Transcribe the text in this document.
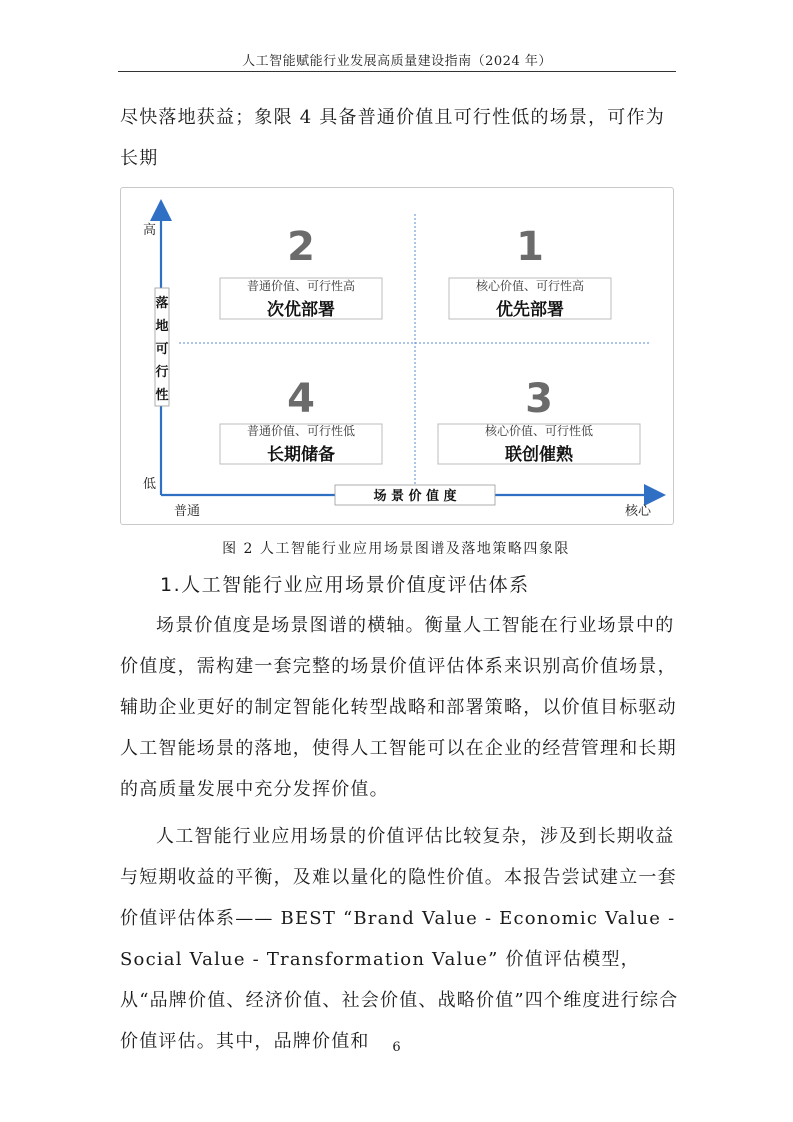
人工智能赋能行业发展高质量建设指南（2024 年）

尽快落地获益；象限 4 具备普通价值且可行性低的场景，可作为长期

高
低
普通	核心
落
地
可
行
性
场 景 价 值 度
2
普通价值、可行性高
次优部署
1
核心价值、可行性高
优先部署
4
普通价值、可行性低
长期储备
3
核心价值、可行性低
联创催熟
图 2 人工智能行业应用场景图谱及落地策略四象限
1.人工智能行业应用场景价值度评估体系

场景价值度是场景图谱的横轴。衡量人工智能在行业场景中的价值度，需构建一套完整的场景价值评估体系来识别高价值场景，辅助企业更好的制定智能化转型战略和部署策略，以价值目标驱动人工智能场景的落地，使得人工智能可以在企业的经营管理和长期的高质量发展中充分发挥价值。

人工智能行业应用场景的价值评估比较复杂，涉及到长期收益与短期收益的平衡，及难以量化的隐性价值。本报告尝试建立一套价值评估体系—— BEST “Brand Value - Economic Value - Social Value - Transformation Value” 价值评估模型，从“品牌价值、经济价值、社会价值、战略价值”四个维度进行综合价值评估。其中，品牌价值和	6
